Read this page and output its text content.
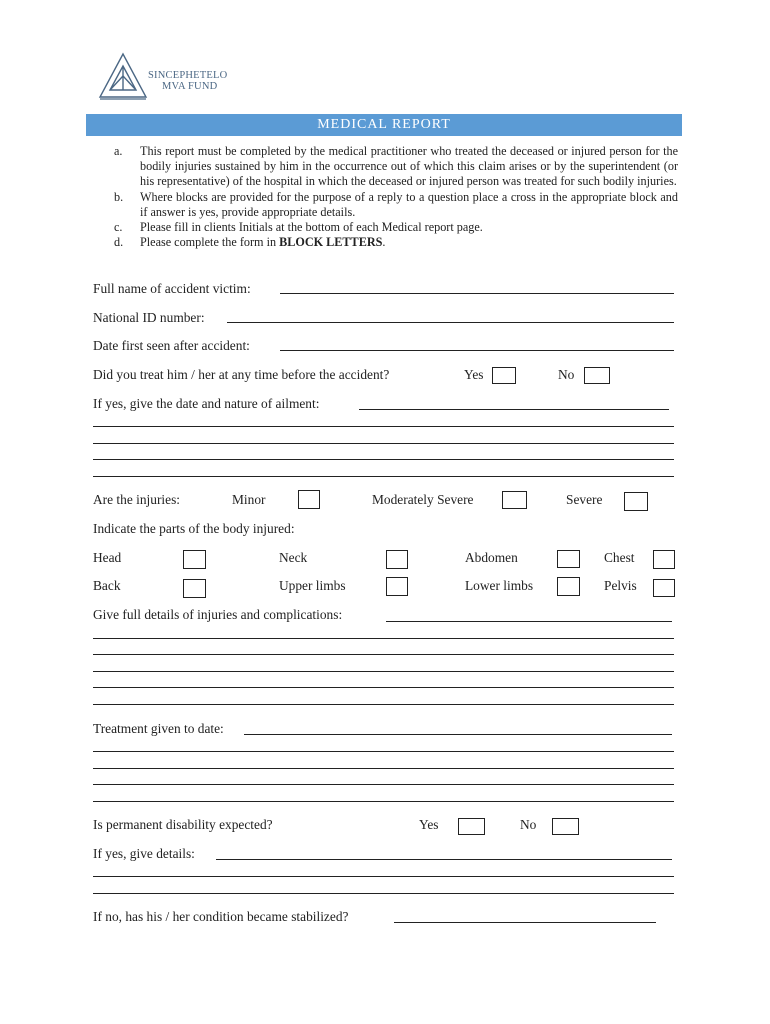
SINCEPHETELO
MVA FUND
MEDICAL REPORT
a.	This report must be completed by the medical practitioner who treated the deceased or injured person for the bodily injuries sustained by him in the occurrence out of which this claim arises or by the superintendent (or his representative) of the hospital in which the deceased or injured person was treated for such bodily injuries.
b.	Where blocks are provided for the purpose of a reply to a question place a cross in the appropriate block and if answer is yes, provide appropriate details.
c.	Please fill in clients Initials at the bottom of each Medical report page.
d.	Please complete the form in BLOCK LETTERS.
Full name of accident victim:
National ID number:
Date first seen after accident:
Did you treat him / her at any time before the accident?	Yes	No
If yes, give the date and nature of ailment:
Are the injuries:	Minor	Moderately Severe	Severe
Indicate the parts of the body injured:
Head	Neck	Abdomen	Chest
Back	Upper limbs	Lower limbs	Pelvis
Give full details of injuries and complications:
Treatment given to date:
Is permanent disability expected?	Yes	No
If yes, give details:
If no, has his / her condition became stabilized?
